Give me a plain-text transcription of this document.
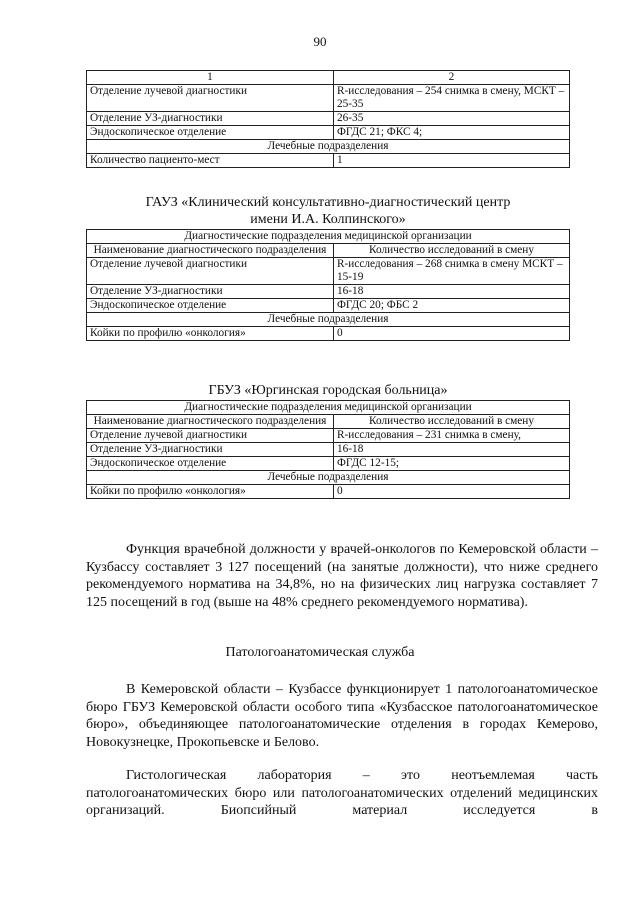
90
1	2
Отделение лучевой диагностики	R-исследования – 254 снимка в смену, МСКТ – 25-35
Отделение УЗ-диагностики	26-35
Эндоскопическое отделение	ФГДС 21; ФКС 4;
Лечебные подразделения	
Количество пациенто-мест	1
ГАУЗ «Клинический консультативно-диагностический центр
имени И.А. Колпинского»
Диагностические подразделения медицинской организации	
Наименование диагностического подразделения	Количество исследований в смену
Отделение лучевой диагностики	R-исследования – 268 снимка в смену МСКТ – 15-19
Отделение УЗ-диагностики	16-18
Эндоскопическое отделение	ФГДС 20; ФБС 2
Лечебные подразделения	
Койки по профилю «онкология»	0
ГБУЗ «Юргинская городская больница»
Диагностические подразделения медицинской организации	
Наименование диагностического подразделения	Количество исследований в смену
Отделение лучевой диагностики	R-исследования – 231 снимка в смену,
Отделение УЗ-диагностики	16-18
Эндоскопическое отделение	ФГДС 12-15;
Лечебные подразделения	
Койки по профилю «онкология»	0

Функция врачебной должности у врачей-онкологов по Кемеровской области – Кузбассу составляет 3 127 посещений (на занятые должности), что ниже среднего рекомендуемого норматива на 34,8%, но на физических лиц нагрузка составляет 7 125 посещений в год (выше на 48% среднего рекомендуемого норматива).

Патологоанатомическая служба

В Кемеровской области – Кузбассе функционирует 1 патологоанатомическое бюро ГБУЗ Кемеровской области особого типа «Кузбасское патологоанатомическое бюро», объединяющее патологоанатомические отделения в городах Кемерово, Новокузнецке, Прокопьевске и Белово.

Гистологическая лаборатория – это неотъемлемая часть патологоанатомических бюро или патологоанатомических отделений медицинских организаций. Биопсийный материал исследуется в
